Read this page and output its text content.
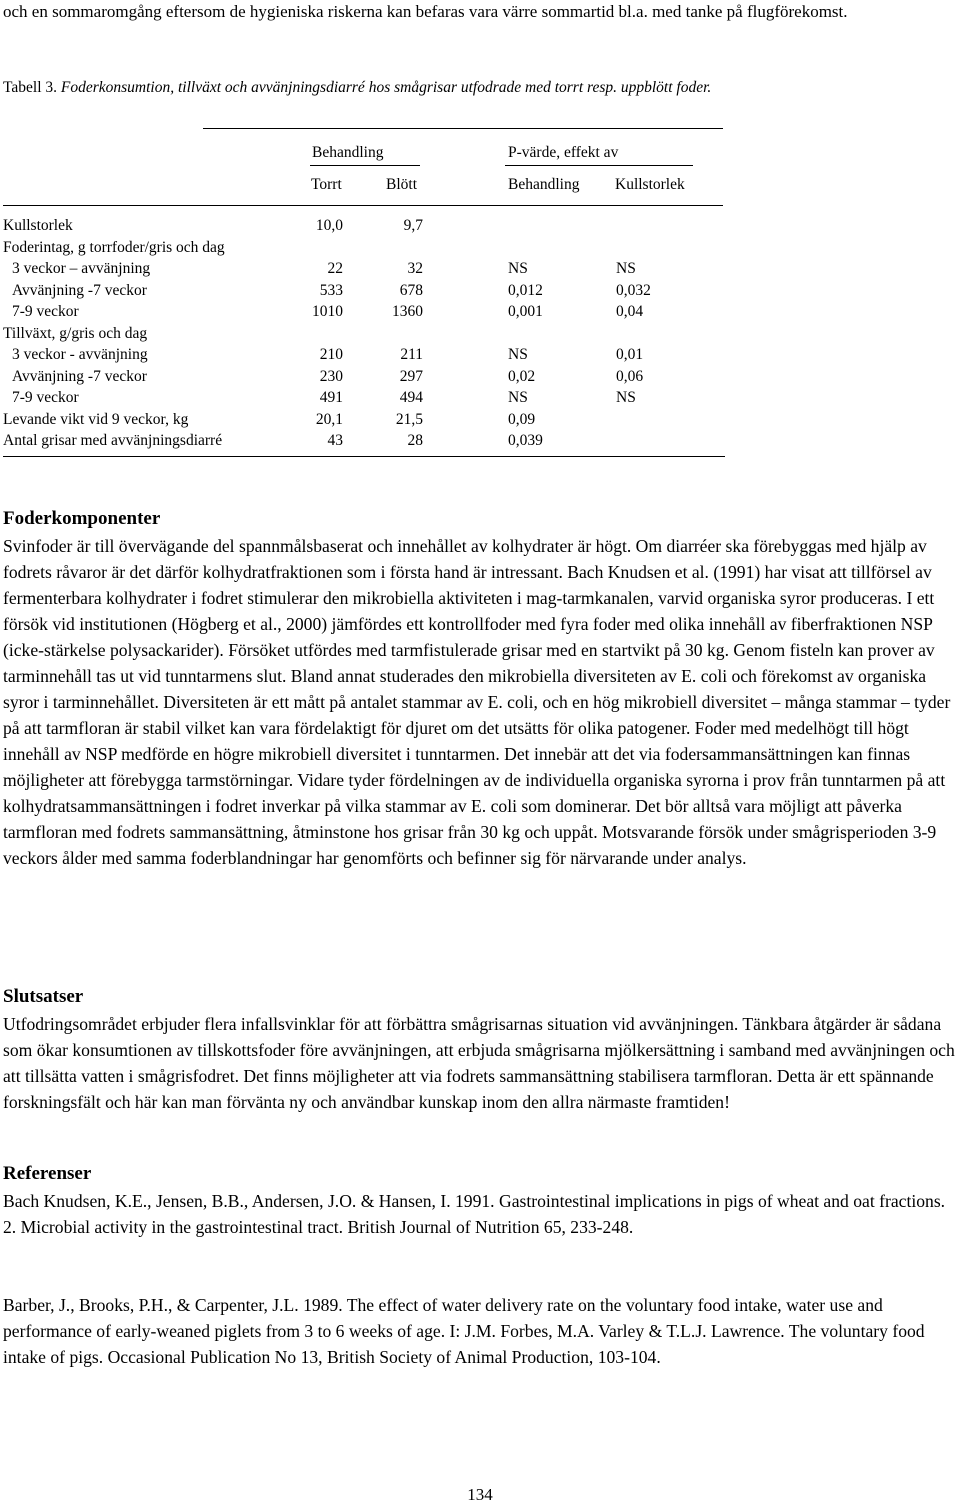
och en sommaromgång eftersom de hygieniska riskerna kan befaras vara värre sommartid bl.a. med tanke på flugförekomst.
Tabell 3. Foderkonsumtion, tillväxt och avvänjningsdiarré hos smågrisar utfodrade med torrt resp. uppblött foder.
Behandling	P-värde, effekt av
Torrt	Blött	Behandling Kullstorlek
Kullstorlek	10,0	9,7
Foderintag, g torrfoder/gris och dag
3 veckor – avvänjning	22	32	NS	NS
Avvänjning -7 veckor	533	678	0,012	0,032
7-9 veckor	1010	1360	0,001	0,04
Tillväxt, g/gris och dag
3 veckor - avvänjning	210	211	NS	0,01
Avvänjning -7 veckor	230	297	0,02	0,06
7-9 veckor	491	494	NS	NS
Levande vikt vid 9 veckor, kg	20,1	21,5	0,09
Antal grisar med avvänjningsdiarré	43	28	0,039
Foderkomponenter
Svinfoder är till övervägande del spannmålsbaserat och innehållet av kolhydrater är högt. Om diarréer ska förebyggas med hjälp av fodrets råvaror är det därför kolhydratfraktionen som i första hand är intressant. Bach Knudsen et al. (1991) har visat att tillförsel av fermenterbara kolhydrater i fodret stimulerar den mikrobiella aktiviteten i mag-tarmkanalen, varvid organiska syror produceras. I ett försök vid institutionen (Högberg et al., 2000) jämfördes ett kontrollfoder med fyra foder med olika innehåll av fiberfraktionen NSP (icke-stärkelse polysackarider). Försöket utfördes med tarmfistulerade grisar med en startvikt på 30 kg. Genom fisteln kan prover av tarminnehåll tas ut vid tunntarmens slut. Bland annat studerades den mikrobiella diversiteten av E. coli och förekomst av organiska syror i tarminnehållet. Diversiteten är ett mått på antalet stammar av E. coli, och en hög mikrobiell diversitet – många stammar – tyder på att tarmfloran är stabil vilket kan vara fördelaktigt för djuret om det utsätts för olika patogener. Foder med medelhögt till högt innehåll av NSP medförde en högre mikrobiell diversitet i tunntarmen. Det innebär att det via fodersammansättningen kan finnas möjligheter att förebygga tarmstörningar. Vidare tyder fördelningen av de individuella organiska syrorna i prov från tunntarmen på att kolhydratsammansättningen i fodret inverkar på vilka stammar av E. coli som dominerar. Det bör alltså vara möjligt att påverka tarmfloran med fodrets sammansättning, åtminstone hos grisar från 30 kg och uppåt. Motsvarande försök under smågrisperioden 3-9 veckors ålder med samma foderblandningar har genomförts och befinner sig för närvarande under analys.
Slutsatser
Utfodringsområdet erbjuder flera infallsvinklar för att förbättra smågrisarnas situation vid avvänjningen. Tänkbara åtgärder är sådana som ökar konsumtionen av tillskottsfoder före avvänjningen, att erbjuda smågrisarna mjölkersättning i samband med avvänjningen och att tillsätta vatten i smågrisfodret. Det finns möjligheter att via fodrets sammansättning stabilisera tarmfloran. Detta är ett spännande forskningsfält och här kan man förvänta ny och användbar kunskap inom den allra närmaste framtiden!
Referenser
Bach Knudsen, K.E., Jensen, B.B., Andersen, J.O. & Hansen, I. 1991. Gastrointestinal implications in pigs of wheat and oat fractions. 2. Microbial activity in the gastrointestinal tract. British Journal of Nutrition 65, 233-248.
Barber, J., Brooks, P.H., & Carpenter, J.L. 1989. The effect of water delivery rate on the voluntary food intake, water use and performance of early-weaned piglets from 3 to 6 weeks of age. I: J.M. Forbes, M.A. Varley & T.L.J. Lawrence. The voluntary food intake of pigs. Occasional Publication No 13, British Society of Animal Production, 103-104.
134
